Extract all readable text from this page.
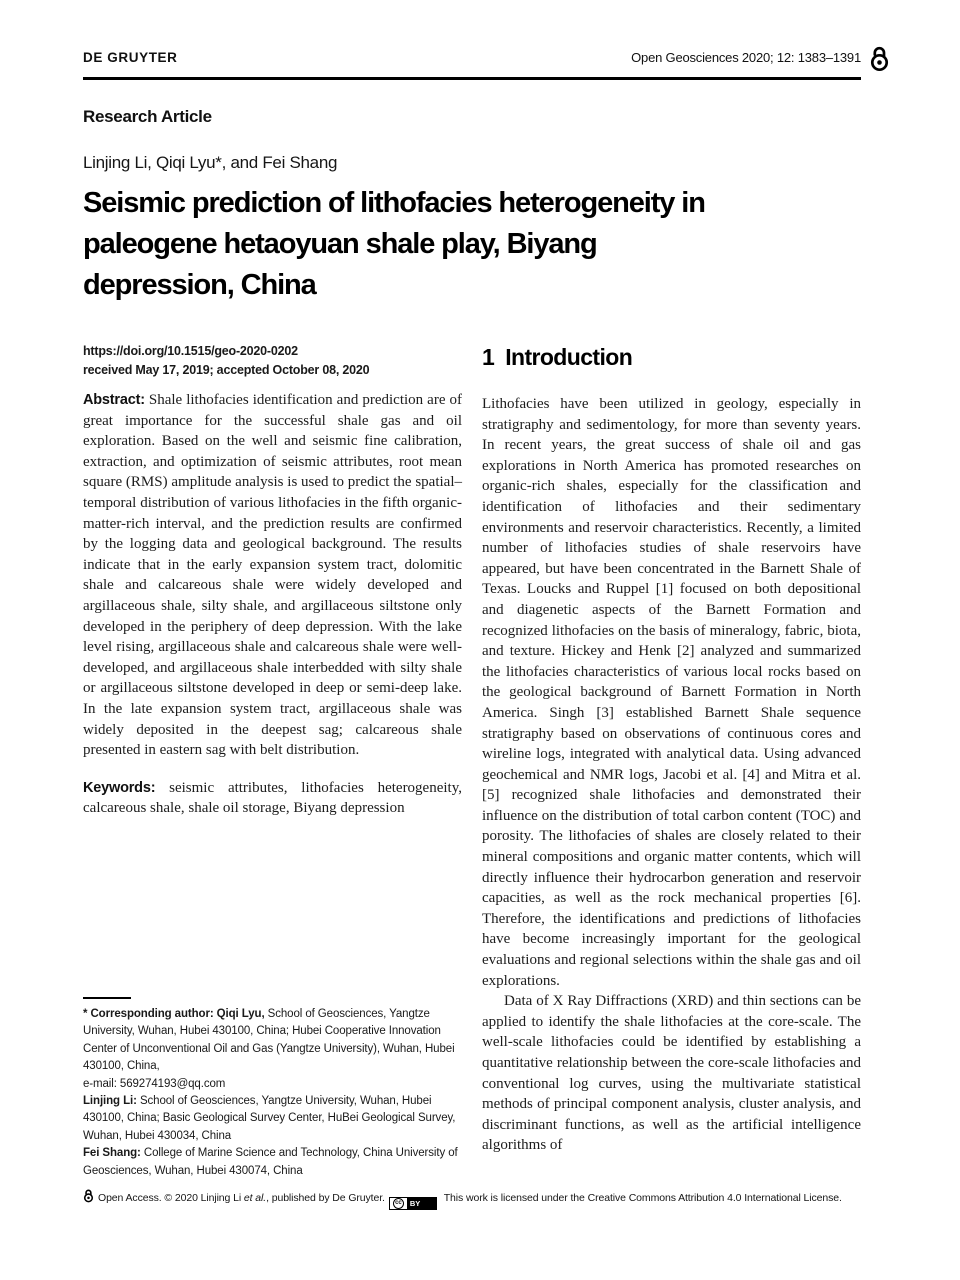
DE GRUYTER	Open Geosciences 2020; 12: 1383–1391
Research Article
Linjing Li, Qiqi Lyu*, and Fei Shang
Seismic prediction of lithofacies heterogeneity in
paleogene hetaoyuan shale play, Biyang
depression, China
https://doi.org/10.1515/geo-2020-0202
received May 17, 2019; accepted October 08, 2020

Abstract: Shale lithofacies identification and prediction are of great importance for the successful shale gas and oil exploration. Based on the well and seismic fine calibration, extraction, and optimization of seismic attributes, root mean square (RMS) amplitude analysis is used to predict the spatial–temporal distribution of various lithofacies in the fifth organic-matter-rich interval, and the prediction results are confirmed by the logging data and geological background. The results indicate that in the early expansion system tract, dolomitic shale and calcareous shale were widely developed and argillaceous shale, silty shale, and argillaceous siltstone only developed in the periphery of deep depression. With the lake level rising, argillaceous shale and calcareous shale were well-developed, and argillaceous shale interbedded with silty shale or argillaceous siltstone developed in deep or semi-deep lake. In the late expansion system tract, argillaceous shale was widely deposited in the deepest sag; calcareous shale presented in eastern sag with belt distribution.

Keywords: seismic attributes, lithofacies heterogeneity, calcareous shale, shale oil storage, Biyang depression

* Corresponding author: Qiqi Lyu, School of Geosciences, Yangtze University, Wuhan, Hubei 430100, China; Hubei Cooperative Innovation Center of Unconventional Oil and Gas (Yangtze University), Wuhan, Hubei 430100, China,
e-mail: 569274193@qq.com

Linjing Li: School of Geosciences, Yangtze University, Wuhan, Hubei 430100, China; Basic Geological Survey Center, HuBei Geological Survey, Wuhan, Hubei 430034, China

Fei Shang: College of Marine Science and Technology, China University of Geosciences, Wuhan, Hubei 430074, China

1 Introduction

Lithofacies have been utilized in geology, especially in stratigraphy and sedimentology, for more than seventy years. In recent years, the great success of shale oil and gas explorations in North America has promoted researches on organic-rich shales, especially for the classification and identification of lithofacies and their sedimentary environments and reservoir characteristics. Recently, a limited number of lithofacies studies of shale reservoirs have appeared, but have been concentrated in the Barnett Shale of Texas. Loucks and Ruppel [1] focused on both depositional and diagenetic aspects of the Barnett Formation and recognized lithofacies on the basis of mineralogy, fabric, biota, and texture. Hickey and Henk [2] analyzed and summarized the lithofacies characteristics of various local rocks based on the geological background of Barnett Formation in North America. Singh [3] established Barnett Shale sequence stratigraphy based on observations of continuous cores and wireline logs, integrated with analytical data. Using advanced geochemical and NMR logs, Jacobi et al. [4] and Mitra et al. [5] recognized shale lithofacies and demonstrated their influence on the distribution of total carbon content (TOC) and porosity. The lithofacies of shales are closely related to their mineral compositions and organic matter contents, which will directly influence their hydrocarbon generation and reservoir capacities, as well as the rock mechanical properties [6]. Therefore, the identifications and predictions of lithofacies have become increasingly important for the geological evaluations and regional selections within the shale gas and oil explorations.

Data of X Ray Diffractions (XRD) and thin sections can be applied to identify the shale lithofacies at the core-scale. The well-scale lithofacies could be identified by establishing a quantitative relationship between the core-scale lithofacies and conventional log curves, using the multivariate statistical methods of principal component analysis, cluster analysis, and discriminant functions, as well as the artificial intelligence algorithms of

Open Access. © 2020 Linjing Li et al., published by De Gruyter.	cc	BY	This work is licensed under the Creative Commons Attribution 4.0 International License.
